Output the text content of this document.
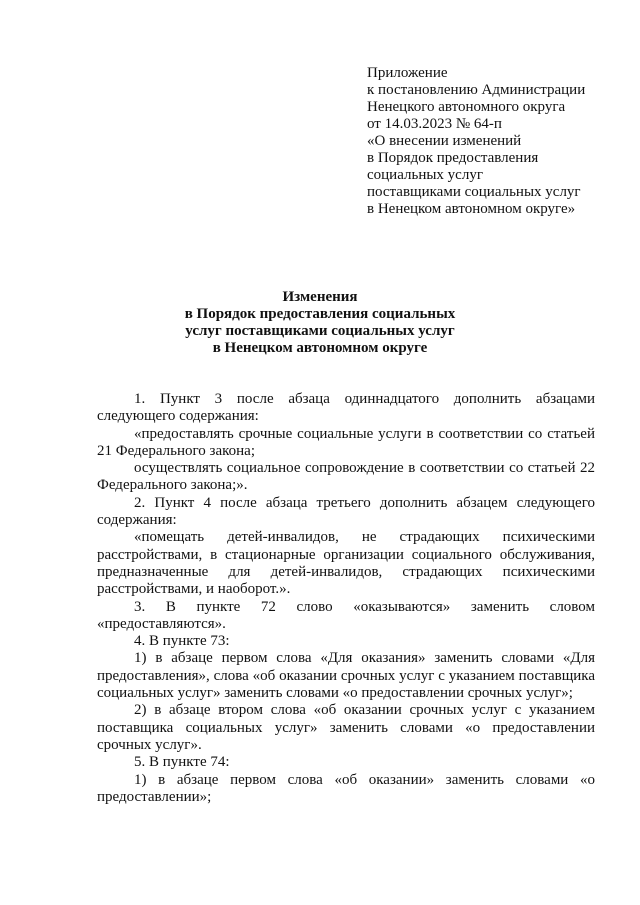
Приложение
к постановлению Администрации
Ненецкого автономного округа
от 14.03.2023 № 64-п
«О внесении изменений
в Порядок предоставления
социальных услуг
поставщиками социальных услуг
в Ненецком автономном округе»
Изменения
в Порядок предоставления социальных
услуг поставщиками социальных услуг
в Ненецком автономном округе

1. Пункт 3 после абзаца одиннадцатого дополнить абзацами следующего содержания:

«предоставлять срочные социальные услуги в соответствии со статьей 21 Федерального закона;

осуществлять социальное сопровождение в соответствии со статьей 22 Федерального закона;».

2. Пункт 4 после абзаца третьего дополнить абзацем следующего содержания:

«помещать детей-инвалидов, не страдающих психическими расстройствами, в стационарные организации социального обслуживания, предназначенные для детей-инвалидов, страдающих психическими расстройствами, и наоборот.».

3. В пункте 72 слово «оказываются» заменить словом «предоставляются».

4. В пункте 73:

1) в абзаце первом слова «Для оказания» заменить словами «Для предоставления», слова «об оказании срочных услуг с указанием поставщика социальных услуг» заменить словами «о предоставлении срочных услуг»;

2) в абзаце втором слова «об оказании срочных услуг с указанием поставщика социальных услуг» заменить словами «о предоставлении срочных услуг».

5. В пункте 74:

1) в абзаце первом слова «об оказании» заменить словами «о предоставлении»;
